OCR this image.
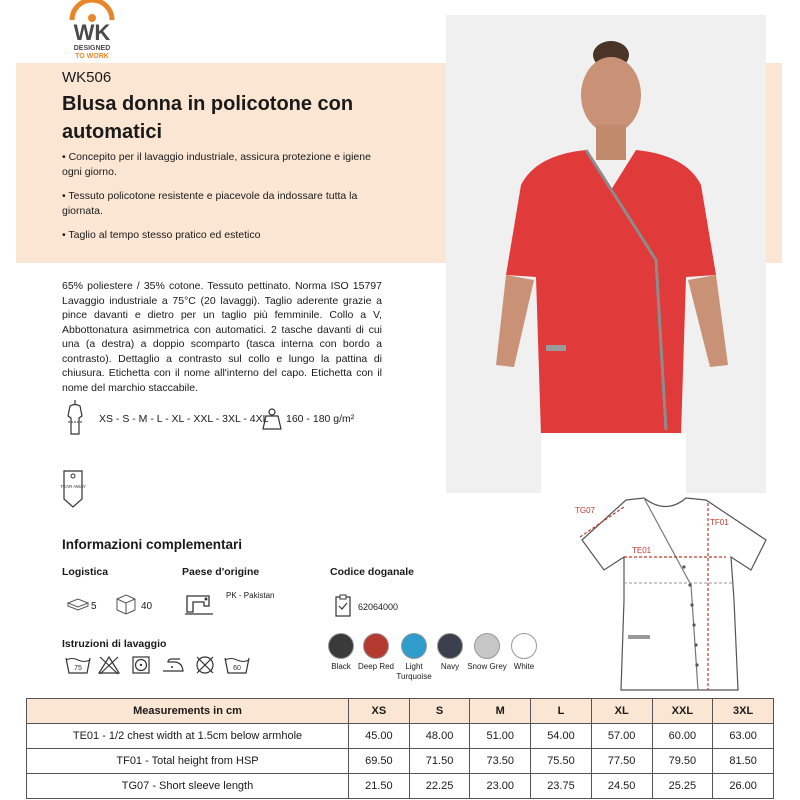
WK
DESIGNED
TO WORK
WK506
Blusa donna in policotone con automatici
• Concepito per il lavaggio industriale, assicura protezione e igiene ogni giorno.
• Tessuto policotone resistente e piacevole da indossare tutta la giornata.
• Taglio al tempo stesso pratico ed estetico
65% poliestere / 35% cotone. Tessuto pettinato. Norma ISO 15797 Lavaggio industriale a 75°C (20 lavaggi). Taglio aderente grazie a pince davanti e dietro per un taglio più femminile. Collo a V, Abbottonatura asimmetrica con automatici. 2 tasche davanti di cui una (a destra) a doppio scomparto (tasca interna con bordo a contrasto). Dettaglio a contrasto sul collo e lungo la pattina di chiusura. Etichetta con il nome all'interno del capo. Etichetta con il nome del marchio staccabile.
XS - S - M - L - XL - XXL - 3XL - 4XL 160 - 180 g/m²
TEAR AWAY
Informazioni complementari
Logistica	Paese d'origine	Codice doganale
5	40
PK - Pakistan
62064000
Istruzioni di lavaggio
75	60	Black Deep Red	Light Turquoise
Navy	Snow Grey White
TG07
TE01
TF01
Measurements in cm	XS	S	M	L	XL	XXL	3XL
TE01 - 1/2 chest width at 1.5cm below armhole	45.00	48.00	51.00	54.00	57.00	60.00	63.00
TF01 - Total height from HSP	69.50	71.50	73.50	75.50	77.50	79.50	81.50
TG07 - Short sleeve length	21.50	22.25	23.00	23.75	24.50	25.25	26.00
